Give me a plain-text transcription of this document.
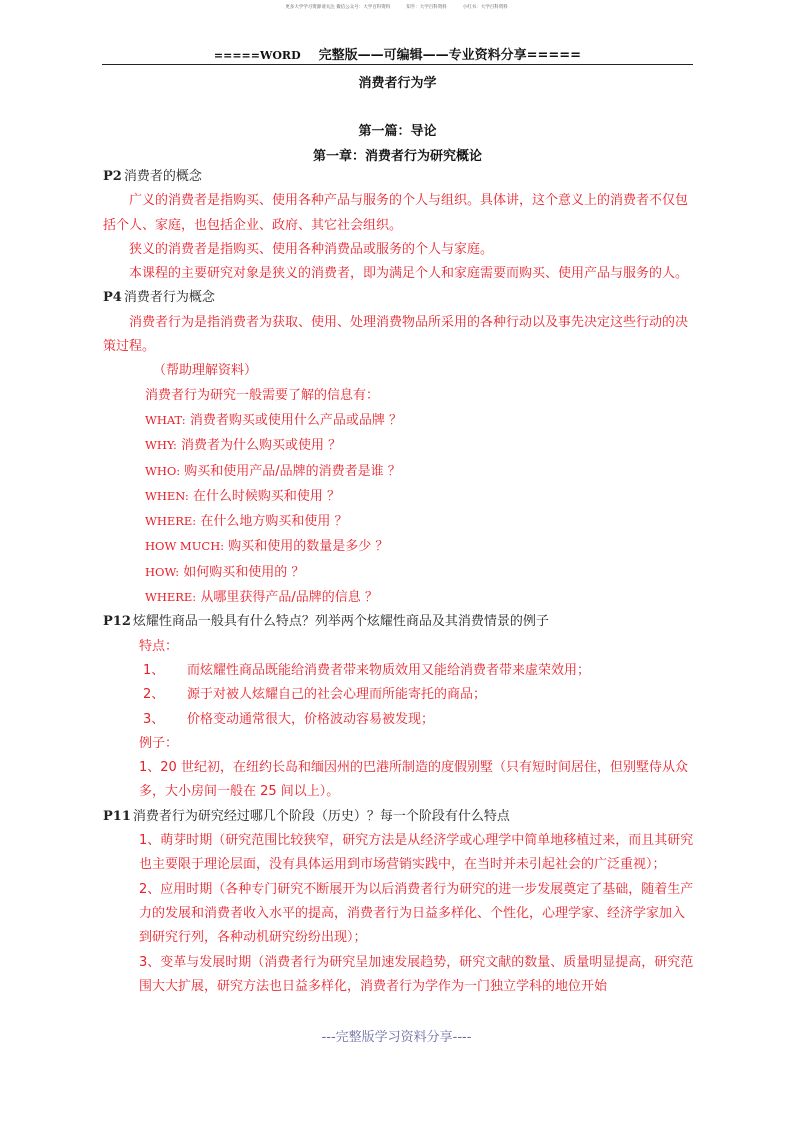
更多大学学习资源请关注 微信公众号：大学百科资料	知乎：大学百科资料	小红书：大学百科资料
=====WORD 完整版——可编辑——专业资料分享=====
消费者行为学
第一篇：导论
第一章：消费者行为研究概论
P2 消费者的概念

广义的消费者是指购买、使用各种产品与服务的个人与组织。具体讲，这个意义上的消费者不仅包括个人、家庭，也包括企业、政府、其它社会组织。

狭义的消费者是指购买、使用各种消费品或服务的个人与家庭。

本课程的主要研究对象是狭义的消费者，即为满足个人和家庭需要而购买、使用产品与服务的人。

P4 消费者行为概念

消费者行为是指消费者为获取、使用、处理消费物品所采用的各种行动以及事先决定这些行动的决策过程。

（帮助理解资料）

消费者行为研究一般需要了解的信息有：

WHAT: 消费者购买或使用什么产品或品牌 ？
WHY: 消费者为什么购买或使用 ？
WHO: 购买和使用产品/品牌的消费者是谁 ？
WHEN: 在什么时候购买和使用 ？
WHERE: 在什么地方购买和使用 ？
HOW MUCH: 购买和使用的数量是多少 ？
HOW: 如何购买和使用的 ？
WHERE: 从哪里获得产品/品牌的信息 ？
P12 炫耀性商品一般具有什么特点？列举两个炫耀性商品及其消费情景的例子

特点：

1、 而炫耀性商品既能给消费者带来物质效用又能给消费者带来虚荣效用；
2、 源于对被人炫耀自己的社会心理而所能寄托的商品；
3、 价格变动通常很大，价格波动容易被发现；

例子：

1、20 世纪初，在纽约长岛和缅因州的巴港所制造的度假别墅（只有短时间居住，但别墅侍从众多，大小房间一般在 25 间以上）。

P11 消费者行为研究经过哪几个阶段（历史）？每一个阶段有什么特点

1、萌芽时期（研究范围比较狭窄，研究方法是从经济学或心理学中简单地移植过来，而且其研究也主要限于理论层面，没有具体运用到市场营销实践中，在当时并未引起社会的广泛重视）；

2、应用时期（各种专门研究不断展开为以后消费者行为研究的进一步发展奠定了基础，随着生产力的发展和消费者收入水平的提高，消费者行为日益多样化、个性化，心理学家、经济学家加入到研究行列，各种动机研究纷纷出现）；

3、变革与发展时期（消费者行为研究呈加速发展趋势，研究文献的数量、质量明显提高，研究范围大大扩展，研究方法也日益多样化，消费者行为学作为一门独立学科的地位开始

---完整版学习资料分享----
